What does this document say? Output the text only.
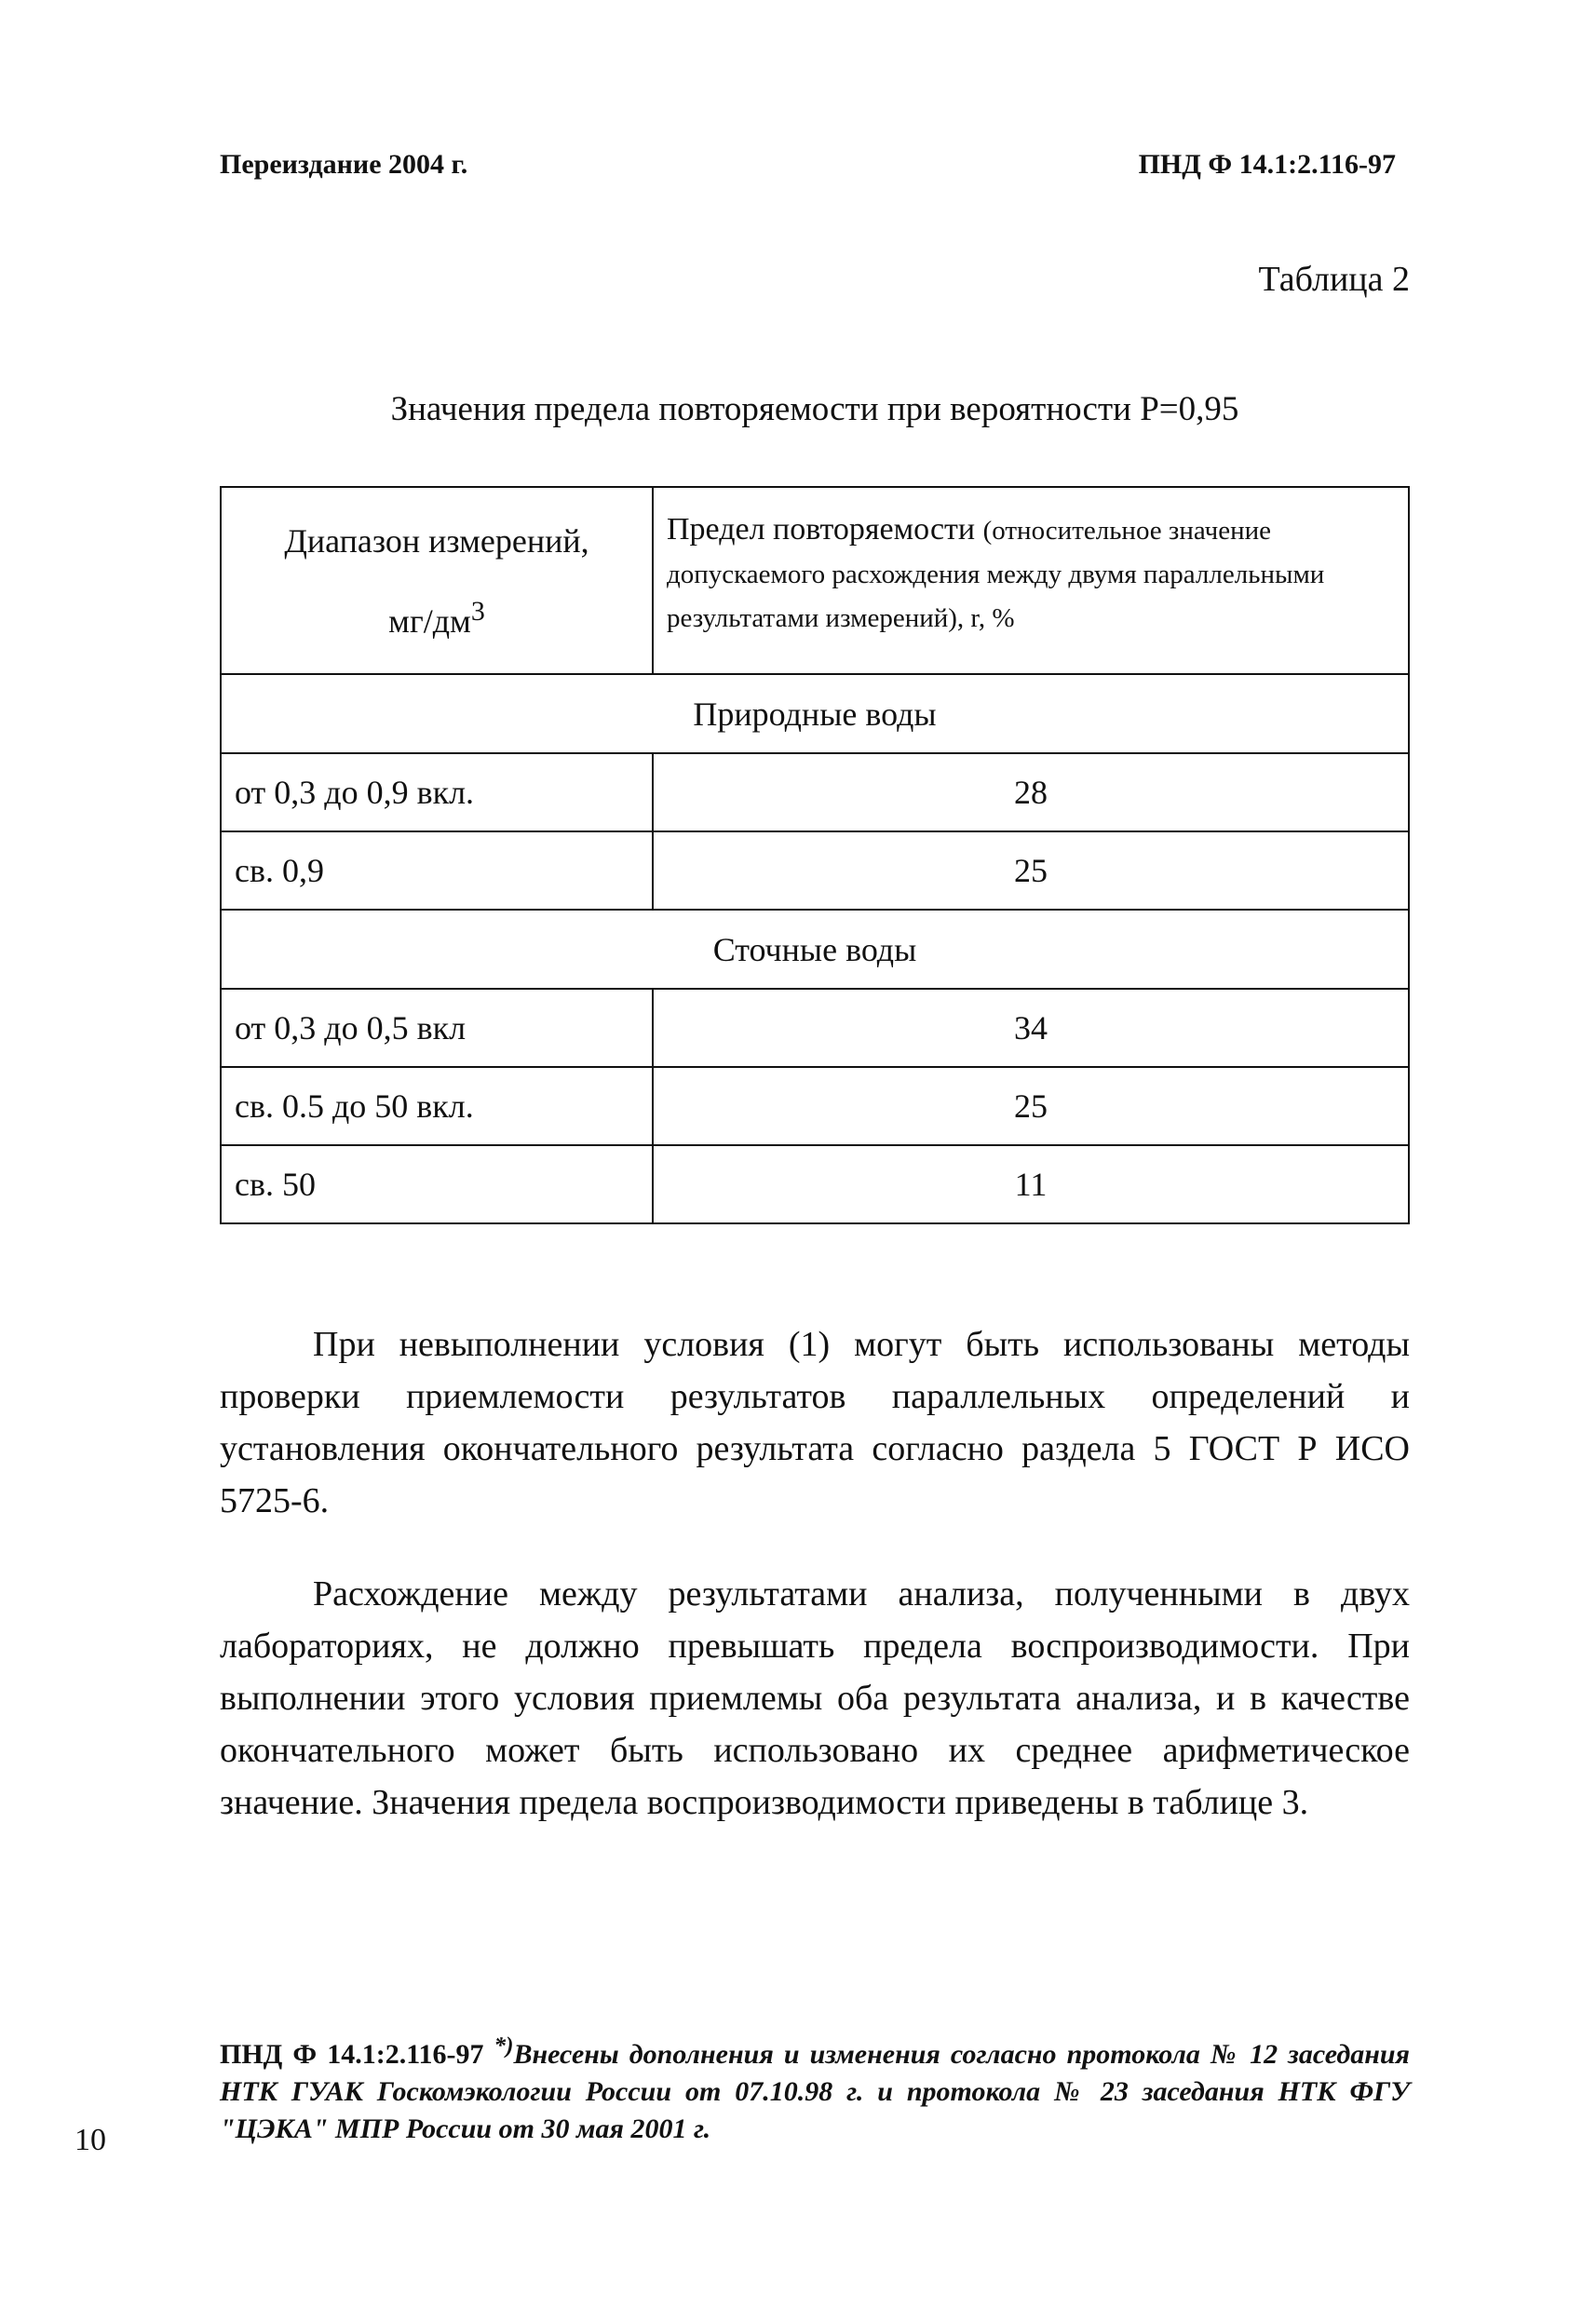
Переиздание 2004 г.	ПНД Ф 14.1:2.116-97
Таблица 2
Значения предела повторяемости при вероятности Р=0,95
Диапазон измерений,
$мг/дм^3$	Предел повторяемости (относительное значение допускаемого расхождения между двумя параллельными результатами измерений), r, %
Природные воды	
от 0,3 до 0,9 вкл.	28
св. 0,9	25
Сточные воды	
от 0,3 до 0,5 вкл	34
св. 0.5 до 50 вкл.	25
св. 50	11

При невыполнении условия (1) могут быть использованы методы проверки приемлемости результатов параллельных определений и установления окончательного результата согласно раздела 5 ГОСТ Р ИСО 5725-6.

Расхождение между результатами анализа, полученными в двух лабораториях, не должно превышать предела воспроизводимости. При выполнении этого условия приемлемы оба результата анализа, и в качестве окончательного может быть использовано их среднее арифметическое значение. Значения предела воспроизводимости приведены в таблице 3.

ПНД Ф 14.1:2.116-97 *)Внесены дополнения и изменения согласно протокола № 12 заседания НТК ГУАК Госкомэкологии России от 07.10.98 г. и протокола № 23 заседания НТК ФГУ "ЦЭКА" МПР России от 30 мая 2001 г.
10
